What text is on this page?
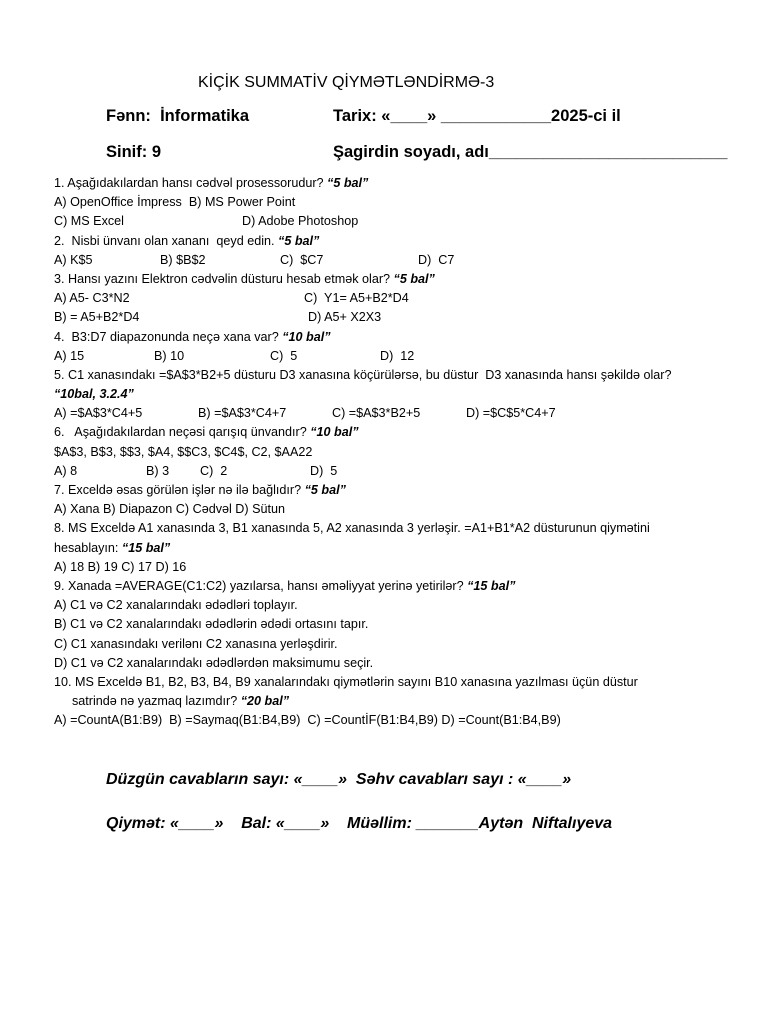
KİÇİK SUMMATİV QİYMƏTLƏNDİRMƏ-3
Fənn:  İnformatika	Tarix: «____» ____________2025-ci il
Sinif: 9	Şagirdin soyadı, adı__________________________
1. Aşağıdakılardan hansı cədvəl prosessorudur? “5 bal”
A) OpenOffice İmpress  B) MS Power Point
C) MS Excel	D) Adobe Photoshop
2.  Nisbi ünvanı olan xananı  qeyd edin. “5 bal”
A) K$5	B) $B$2	C)  $C7	D)  C7
3. Hansı yazını Elektron cədvəlin düsturu hesab etmək olar? “5 bal”
A) A5- C3*N2	C)  Y1= A5+B2*D4
B) = A5+B2*D4	D) A5+ X2X3
4.  B3:D7 diapazonunda neçə xana var? “10 bal”
A) 15	B) 10	C)  5	D)  12
5. C1 xanasındakı =$A$3*B2+5 düsturu D3 xanasına köçürülərsə, bu düstur  D3 xanasında hansı şəkildə olar?
“10bal, 3.2.4”
A) =$A$3*C4+5	B) =$A$3*C4+7	C) =$A$3*B2+5	D) =$C$5*C4+7
6.   Aşağıdakılardan neçəsi qarışıq ünvandır? “10 bal”
$A$3, B$3, $$3, $A4, $$C3, $C4$, C2, $AA22
A) 8	B) 3 C)  2	D)  5
7. Exceldə əsas görülən işlər nə ilə bağlıdır? “5 bal”
A) Xana B) Diapazon C) Cədvəl D) Sütun
8. MS Exceldə A1 xanasında 3, B1 xanasında 5, A2 xanasında 3 yerləşir. =A1+B1*A2 düsturunun qiymətini
hesablayın: “15 bal”
A) 18 B) 19 C) 17 D) 16
9. Xanada =AVERAGE(C1:C2) yazılarsa, hansı əməliyyat yerinə yetirilər? “15 bal”
A) C1 və C2 xanalarındakı ədədləri toplayır.
B) C1 və C2 xanalarındakı ədədlərin ədədi ortasını tapır.
C) C1 xanasındakı verilənı C2 xanasına yerləşdirir.
D) C1 və C2 xanalarındakı ədədlərdən maksimumu seçir.
10. MS Exceldə B1, B2, B3, B4, B9 xanalarındakı qiymətlərin sayını B10 xanasına yazılması üçün düstur
satrində nə yazmaq lazımdır? “20 bal”
A) =CountA(B1:B9)  B) =Saymaq(B1:B4,B9)  C) =CountİF(B1:B4,B9) D) =Count(B1:B4,B9)
Düzgün cavabların sayı: «____»  Səhv cavabları sayı : «____»
Qiymət: «____»    Bal: «____»    Müəllim: _______Aytən  Niftalıyeva
